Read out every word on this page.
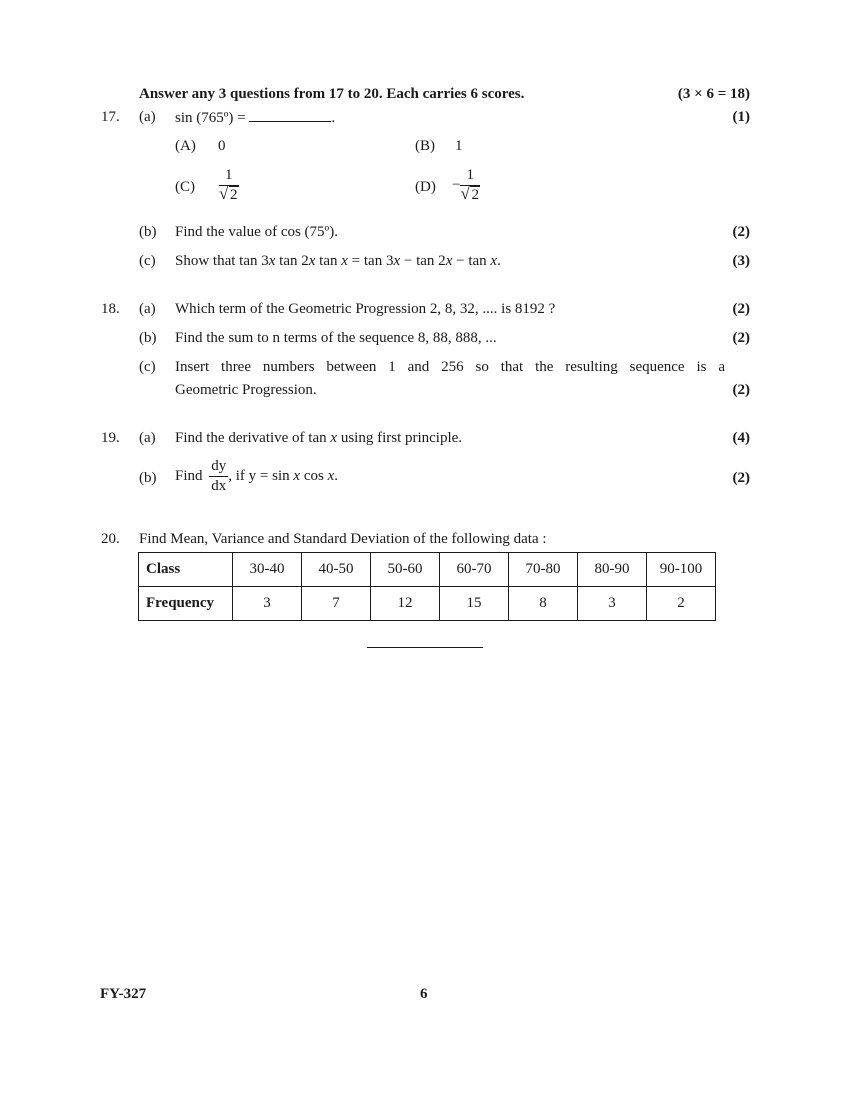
Answer any 3 questions from 17 to 20. Each carries 6 scores.	(3 × 6 = 18)
17. (a) sin (765º) =	.	(1)
(A) 0	(B) 1
$(C) \frac{1}{√ 2}$	$(D) - \frac{1}{√ 2}$
(b) Find the value of cos (75º).	(2)
(c) Show that tan 3x tan 2x tan x = tan 3x − tan 2x − tan x.	(3)
18. (a) Which term of the Geometric Progression 2, 8, 32, .... is 8192 ?	(2)
(b) Find the sum to n terms of the sequence 8, 88, 888, ...	(2)
(c) Insert three numbers between 1 and 256 so that the resulting sequence is a
Geometric Progression.	(2)
19. (a) Find the derivative of tan x using first principle.	(4)
(b) Find $\frac{dy}{dx}$ , if y = sin x cos x.	(2)
20. Find Mean, Variance and Standard Deviation of the following data :
Class	30-40	40-50	50-60	60-70	70-80	80-90	90-100
Frequency	3	7	12	15	8	3	2
FY-327	6
